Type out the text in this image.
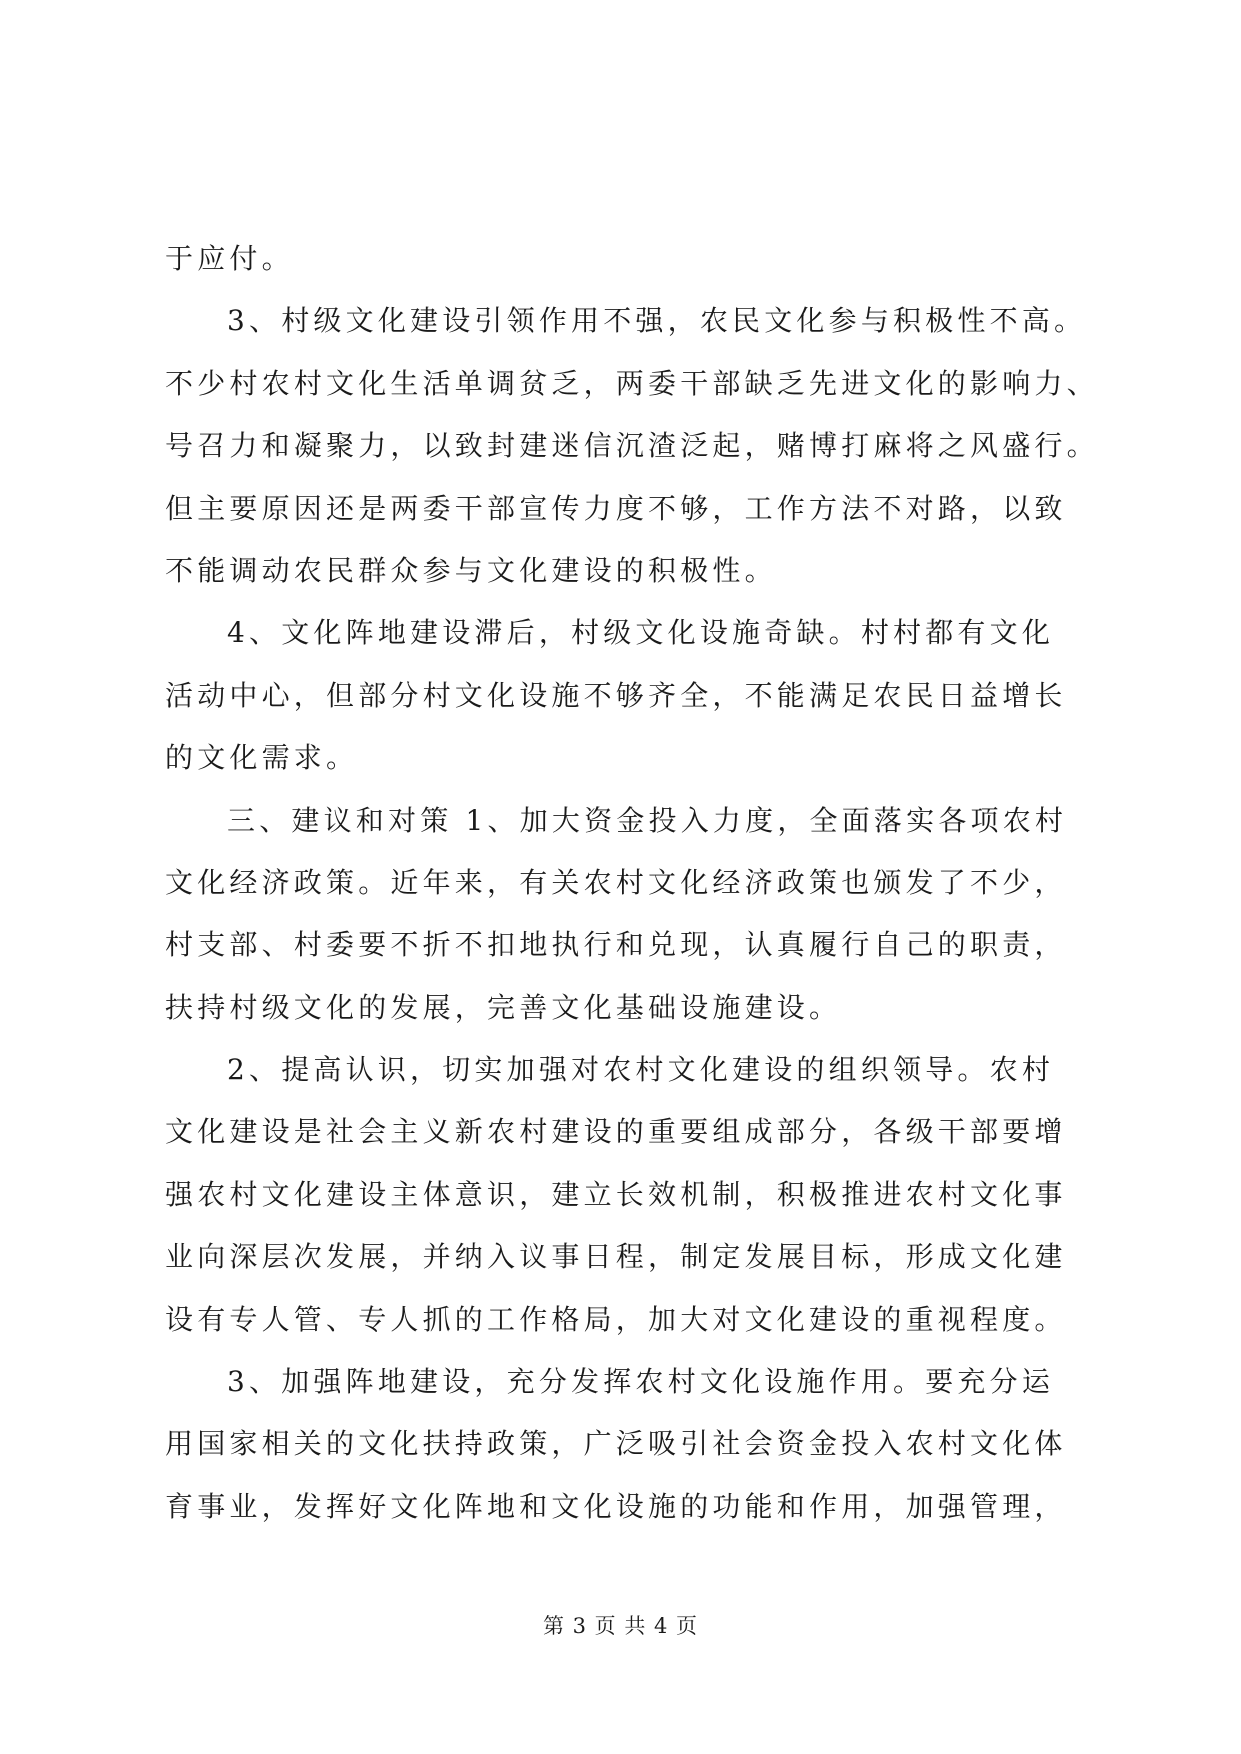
于应付。
3、村级文化建设引领作用不强，农民文化参与积极性不高。
不少村农村文化生活单调贫乏，两委干部缺乏先进文化的影响力、
号召力和凝聚力，以致封建迷信沉渣泛起，赌博打麻将之风盛行。
但主要原因还是两委干部宣传力度不够，工作方法不对路，以致
不能调动农民群众参与文化建设的积极性。
4、文化阵地建设滞后，村级文化设施奇缺。村村都有文化
活动中心，但部分村文化设施不够齐全，不能满足农民日益增长
的文化需求。
三、建议和对策 1、加大资金投入力度，全面落实各项农村
文化经济政策。近年来，有关农村文化经济政策也颁发了不少，
村支部、村委要不折不扣地执行和兑现，认真履行自己的职责，
扶持村级文化的发展，完善文化基础设施建设。
2、提高认识，切实加强对农村文化建设的组织领导。农村
文化建设是社会主义新农村建设的重要组成部分，各级干部要增
强农村文化建设主体意识，建立长效机制，积极推进农村文化事
业向深层次发展，并纳入议事日程，制定发展目标，形成文化建
设有专人管、专人抓的工作格局，加大对文化建设的重视程度。
3、加强阵地建设，充分发挥农村文化设施作用。要充分运
用国家相关的文化扶持政策，广泛吸引社会资金投入农村文化体
育事业，发挥好文化阵地和文化设施的功能和作用，加强管理，
第 3 页 共 4 页
